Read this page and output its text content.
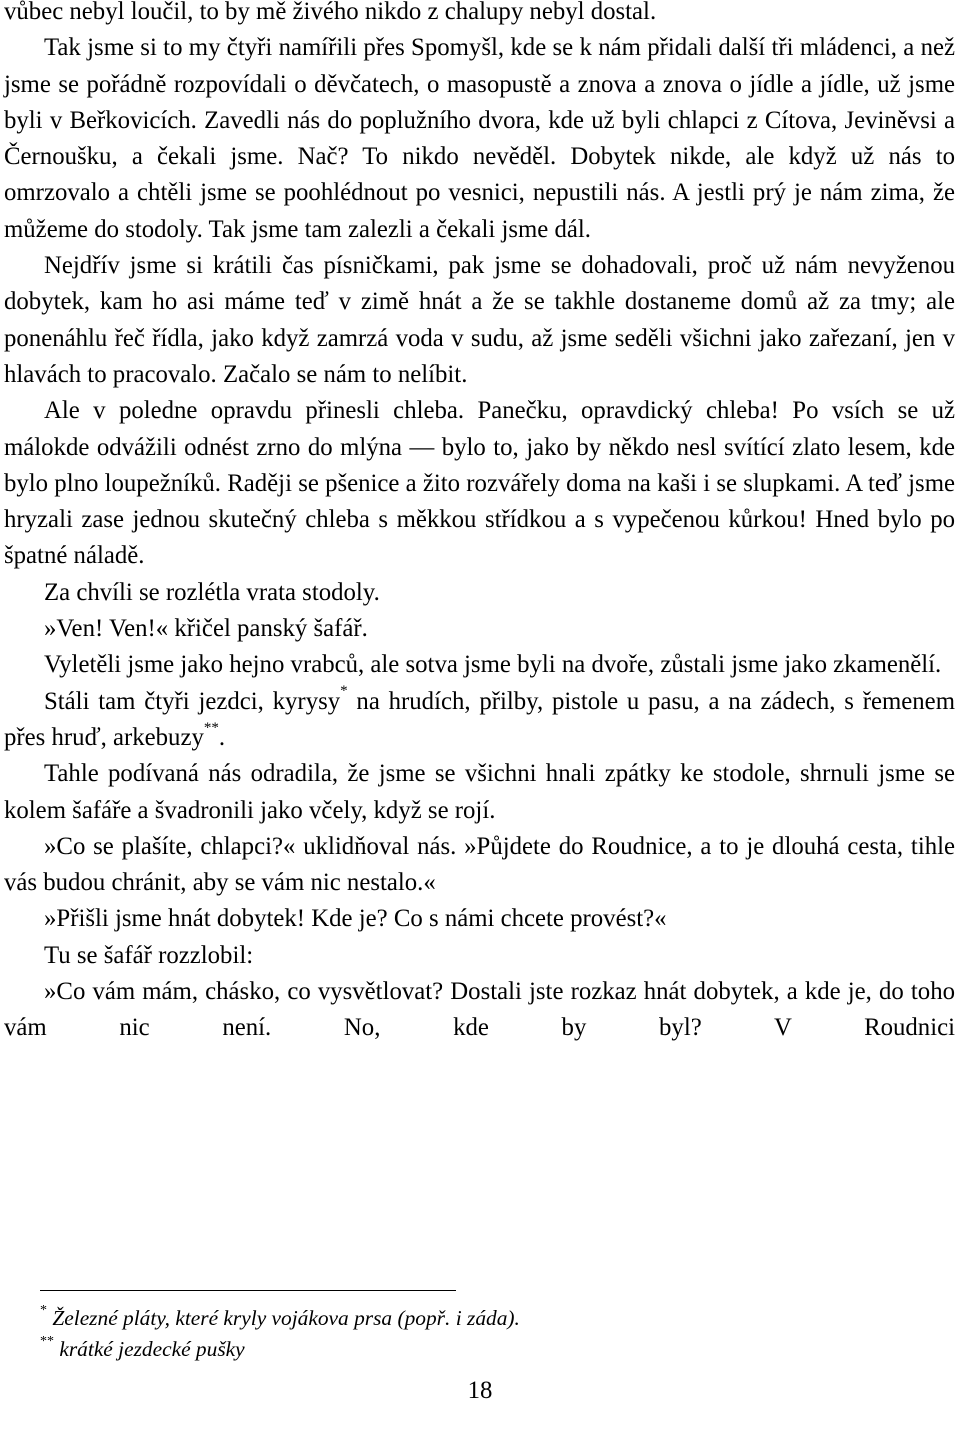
vůbec nebyl loučil, to by mě živého nikdo z chalupy nebyl dostal.

Tak jsme si to my čtyři namířili přes Spomyšl, kde se k nám přidali další tři mládenci, a než jsme se pořádně rozpovídali o děvčatech, o masopustě a znova a znova o jídle a jídle, už jsme byli v Beřkovicích. Zavedli nás do poplužního dvora, kde už byli chlapci z Cítova, Jeviněvsi a Černoušku, a čekali jsme. Nač? To nikdo nevěděl. Dobytek nikde, ale když už nás to omrzovalo a chtěli jsme se poohlédnout po vesnici, nepustili nás. A jestli prý je nám zima, že můžeme do stodoly. Tak jsme tam zalezli a čekali jsme dál.

Nejdřív jsme si krátili čas písničkami, pak jsme se dohadovali, proč už nám nevyženou dobytek, kam ho asi máme teď v zimě hnát a že se takhle dostaneme domů až za tmy; ale ponenáhlu řeč řídla, jako když zamrzá voda v sudu, až jsme seděli všichni jako zařezaní, jen v hlavách to pracovalo. Začalo se nám to nelíbit.

Ale v poledne opravdu přinesli chleba. Panečku, opravdický chleba! Po vsích se už málokde odvážili odnést zrno do mlýna — bylo to, jako by někdo nesl svítící zlato lesem, kde bylo plno loupežníků. Raději se pšenice a žito rozvářely doma na kaši i se slupkami. A teď jsme hryzali zase jednou skutečný chleba s měkkou střídkou a s vypečenou kůrkou! Hned bylo po špatné náladě.

Za chvíli se rozlétla vrata stodoly.

»Ven! Ven!« křičel panský šafář.

Vyletěli jsme jako hejno vrabců, ale sotva jsme byli na dvoře, zůstali jsme jako zkamenělí.

Stáli tam čtyři jezdci, kyrysy* na hrudích, přilby, pistole u pasu, a na zádech, s řemenem přes hruď, arkebuzy**.

Tahle podívaná nás odradila, že jsme se všichni hnali zpátky ke stodole, shrnuli jsme se kolem šafáře a švadronili jako včely, když se rojí.

»Co se plašíte, chlapci?« uklidňoval nás. »Půjdete do Roudnice, a to je dlouhá cesta, tihle vás budou chránit, aby se vám nic nestalo.«

»Přišli jsme hnát dobytek! Kde je? Co s námi chcete provést?«

Tu se šafář rozzlobil:

»Co vám mám, chásko, co vysvětlovat? Dostali jste rozkaz hnát dobytek, a kde je, do toho vám nic není. No, kde by byl? V Roudnici

* Železné pláty, které kryly vojákova prsa (popř. i záda).

** krátké jezdecké pušky

18
